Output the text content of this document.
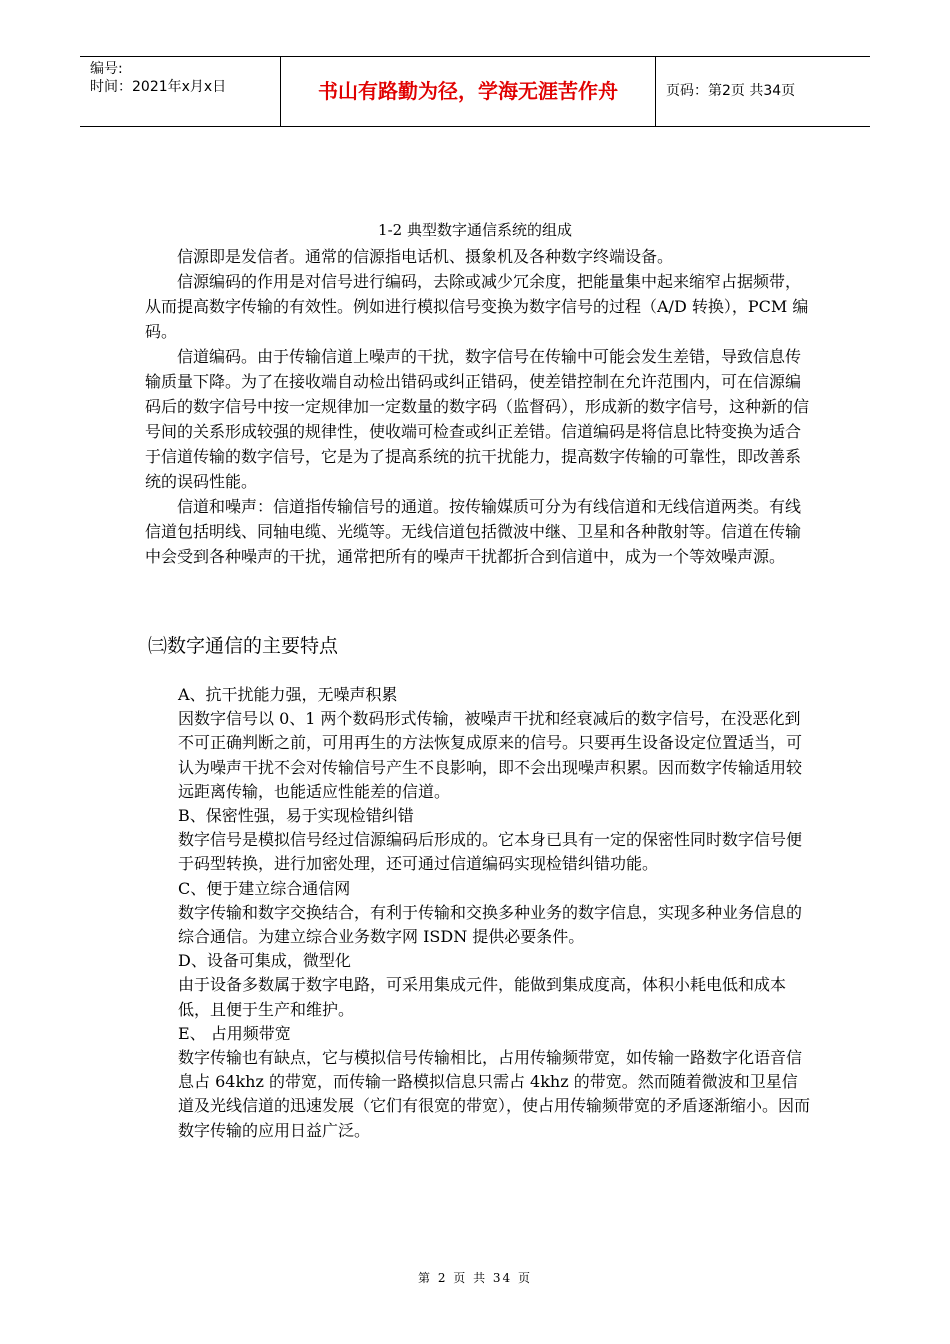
编号:
时间：2021年x月x日	书山有路勤为径，学海无涯苦作舟	页码：第2页 共34页
1-2 典型数字通信系统的组成

信源即是发信者。通常的信源指电话机、摄象机及各种数字终端设备。

信源编码的作用是对信号进行编码，去除或减少冗余度，把能量集中起来缩窄占据频带，从而提高数字传输的有效性。例如进行模拟信号变换为数字信号的过程（A/D 转换），PCM 编码。

信道编码。由于传输信道上噪声的干扰，数字信号在传输中可能会发生差错，导致信息传输质量下降。为了在接收端自动检出错码或纠正错码，使差错控制在允许范围内，可在信源编码后的数字信号中按一定规律加一定数量的数字码（监督码），形成新的数字信号，这种新的信号间的关系形成较强的规律性，使收端可检查或纠正差错。信道编码是将信息比特变换为适合于信道传输的数字信号，它是为了提高系统的抗干扰能力，提高数字传输的可靠性，即改善系统的误码性能。

信道和噪声：信道指传输信号的通道。按传输媒质可分为有线信道和无线信道两类。有线信道包括明线、同轴电缆、光缆等。无线信道包括微波中继、卫星和各种散射等。信道在传输中会受到各种噪声的干扰，通常把所有的噪声干扰都折合到信道中，成为一个等效噪声源。

㈢数字通信的主要特点

A、抗干扰能力强，无噪声积累

因数字信号以 0、1 两个数码形式传输，被噪声干扰和经衰减后的数字信号，在没恶化到不可正确判断之前，可用再生的方法恢复成原来的信号。只要再生设备设定位置适当，可认为噪声干扰不会对传输信号产生不良影响，即不会出现噪声积累。因而数字传输适用较远距离传输，也能适应性能差的信道。

B、保密性强，易于实现检错纠错

数字信号是模拟信号经过信源编码后形成的。它本身已具有一定的保密性同时数字信号便于码型转换，进行加密处理，还可通过信道编码实现检错纠错功能。

C、便于建立综合通信网

数字传输和数字交换结合，有利于传输和交换多种业务的数字信息，实现多种业务信息的综合通信。为建立综合业务数字网 ISDN 提供必要条件。

D、设备可集成，微型化

由于设备多数属于数字电路，可采用集成元件，能做到集成度高，体积小耗电低和成本低，且便于生产和维护。

E、 占用频带宽

数字传输也有缺点，它与模拟信号传输相比，占用传输频带宽，如传输一路数字化语音信息占 64khz 的带宽，而传输一路模拟信息只需占 4khz 的带宽。然而随着微波和卫星信道及光线信道的迅速发展（它们有很宽的带宽），使占用传输频带宽的矛盾逐渐缩小。因而数字传输的应用日益广泛。

第 2 页 共 34 页
